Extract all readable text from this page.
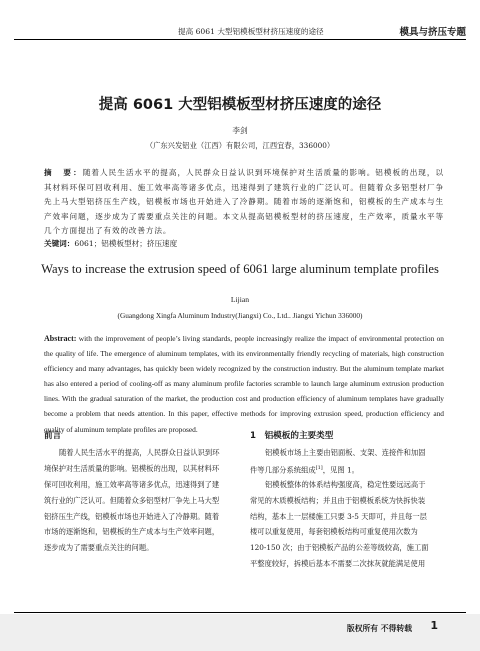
提高 6061 大型铝模板型材挤压速度的途径	模具与挤压专题
提高 6061 大型铝模板型材挤压速度的途径
李剑
（广东兴发铝业（江西）有限公司，江西宜春，336000）
摘　要：随着人民生活水平的提高，人民群众日益认识到环境保护对生活质量的影响。铝模板的出现，以其材料环保可回收利用、施工效率高等诸多优点，迅速得到了建筑行业的广泛认可。但随着众多铝型材厂争先上马大型铝挤压生产线，铝模板市场也开始进入了冷静期。随着市场的逐渐饱和，铝模板的生产成本与生产效率问题，逐步成为了需要重点关注的问题。本文从提高铝模板型材的挤压速度，生产效率，质量水平等几个方面提出了有效的改善方法。
关键词：6061；铝模板型材；挤压速度
Ways to increase the extrusion speed of 6061 large aluminum template profiles
Lijian
(Guangdong Xingfa Aluminum Industry(Jiangxi) Co., Ltd.. Jiangxi Yichun 336000)
Abstract: with the improvement of people’s living standards, people increasingly realize the impact of environmental protection on the quality of life. The emergence of aluminum templates, with its environmentally friendly recycling of materials, high construction efficiency and many advantages, has quickly been widely recognized by the construction industry. But the aluminum template market has also entered a period of cooling-off as many aluminum profile factories scramble to launch large aluminum extrusion production lines. With the gradual saturation of the market, the production cost and production efficiency of aluminum templates have gradually become a problem that needs attention. In this paper, effective methods for improving extrusion speed, production efficiency and quality of aluminum template profiles are proposed.
前言
随着人民生活水平的提高，人民群众日益认识到环
境保护对生活质量的影响。铝模板的出现，以其材料环
保可回收利用，施工效率高等诸多优点，迅速得到了建
筑行业的广泛认可。但随着众多铝型材厂争先上马大型
铝挤压生产线，铝模板市场也开始进入了冷静期。随着
市场的逐渐饱和，铝模板的生产成本与生产效率问题，
逐步成为了需要重点关注的问题。
1　铝模板的主要类型
铝模板市场上主要由铝面板、支架、连接件和加固
件等几部分系统组成[1]，见图 1。
铝模板整体的体系结构强度高，稳定性要远远高于
常见的木质模板结构；并且由于铝模板系统为快拆快装
结构，基本上一层楼施工只要 3-5 天即可，并且每一层
楼可以重复使用，每套铝模板结构可重复使用次数为
120-150 次；由于铝模板产品的公差等级较高，施工面
平整度较好，拆模后基本不需要二次抹灰就能满足使用
版权所有 不得转载 1
